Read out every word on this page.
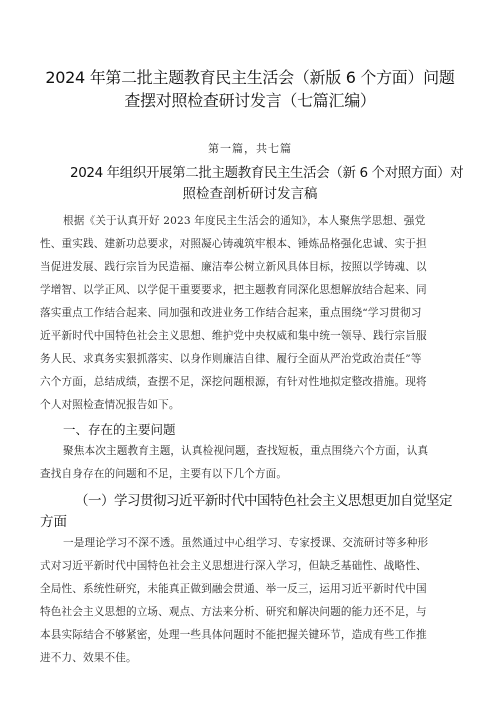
2024 年第二批主题教育民主生活会（新版 6 个方面）问题
查摆对照检查研讨发言（七篇汇编）
第一篇，共七篇
2024 年组织开展第二批主题教育民主生活会（新 6 个对照方面）对
照检查剖析研讨发言稿
根据《关于认真开好 2023 年度民主生活会的通知》，本人聚焦学思想、强党
性、重实践、建新功总要求，对照凝心铸魂筑牢根本、锤炼品格强化忠诚、实于担
当促进发展、践行宗旨为民造福、廉洁奉公树立新风具体目标，按照以学铸魂、以
学增智、以学正风、以学促干重要要求，把主题教育同深化思想解放结合起来、同
落实重点工作结合起来、同加强和改进业务工作结合起来，重点围绕“学习贯彻习
近平新时代中国特色社会主义思想、维护党中央权威和集中统一领导、践行宗旨服
务人民、求真务实狠抓落实、以身作则廉洁自律、履行全面从严治党政治责任”等
六个方面，总结成绩，查摆不足，深挖问题根源，有针对性地拟定整改措施。现将
个人对照检查情况报告如下。
一、存在的主要问题
聚焦本次主题教育主题，认真检视问题，查找短板，重点围绕六个方面，认真
查找自身存在的问题和不足，主要有以下几个方面。
（一）学习贯彻习近平新时代中国特色社会主义思想更加自觉坚定
方面
一是理论学习不深不透。虽然通过中心组学习、专家授课、交流研讨等多种形
式对习近平新时代中国特色社会主义思想进行深入学习，但缺乏基础性、战略性、
全局性、系统性研究，未能真正做到融会贯通、举一反三，运用习近平新时代中国
特色社会主义思想的立场、观点、方法来分析、研究和解决问题的能力还不足，与
本县实际结合不够紧密，处理一些具体问题时不能把握关键环节，造成有些工作推
进不力、效果不佳。
